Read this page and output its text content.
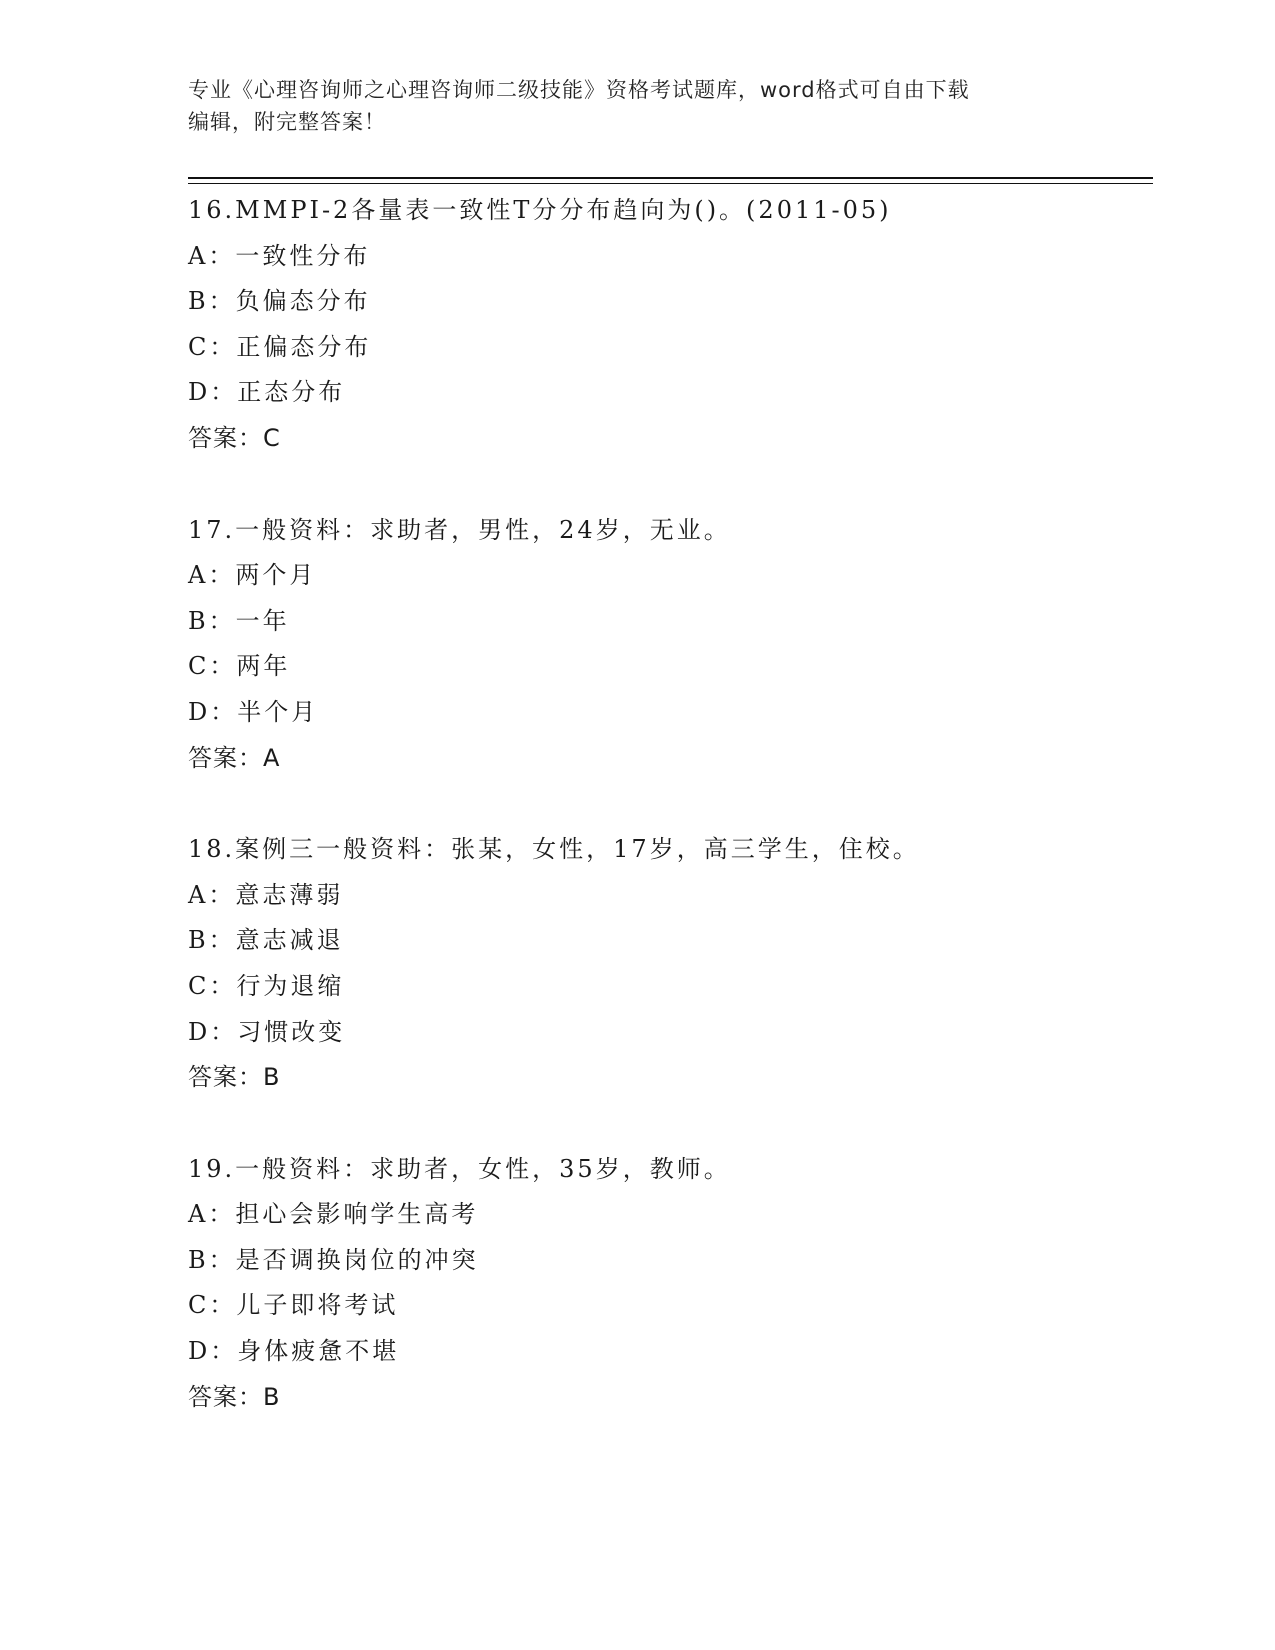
专业《心理咨询师之心理咨询师二级技能》资格考试题库，word格式可自由下载
编辑，附完整答案！
16.MMPI-2各量表一致性T分分布趋向为()。(2011-05)
A：一致性分布
B：负偏态分布
C：正偏态分布
D：正态分布
答案：C
17.一般资料：求助者，男性，24岁，无业。
A：两个月
B：一年
C：两年
D：半个月
答案：A
18.案例三一般资料：张某，女性，17岁，高三学生，住校。
A：意志薄弱
B：意志减退
C：行为退缩
D：习惯改变
答案：B
19.一般资料：求助者，女性，35岁，教师。
A：担心会影响学生高考
B：是否调换岗位的冲突
C：儿子即将考试
D：身体疲惫不堪
答案：B
